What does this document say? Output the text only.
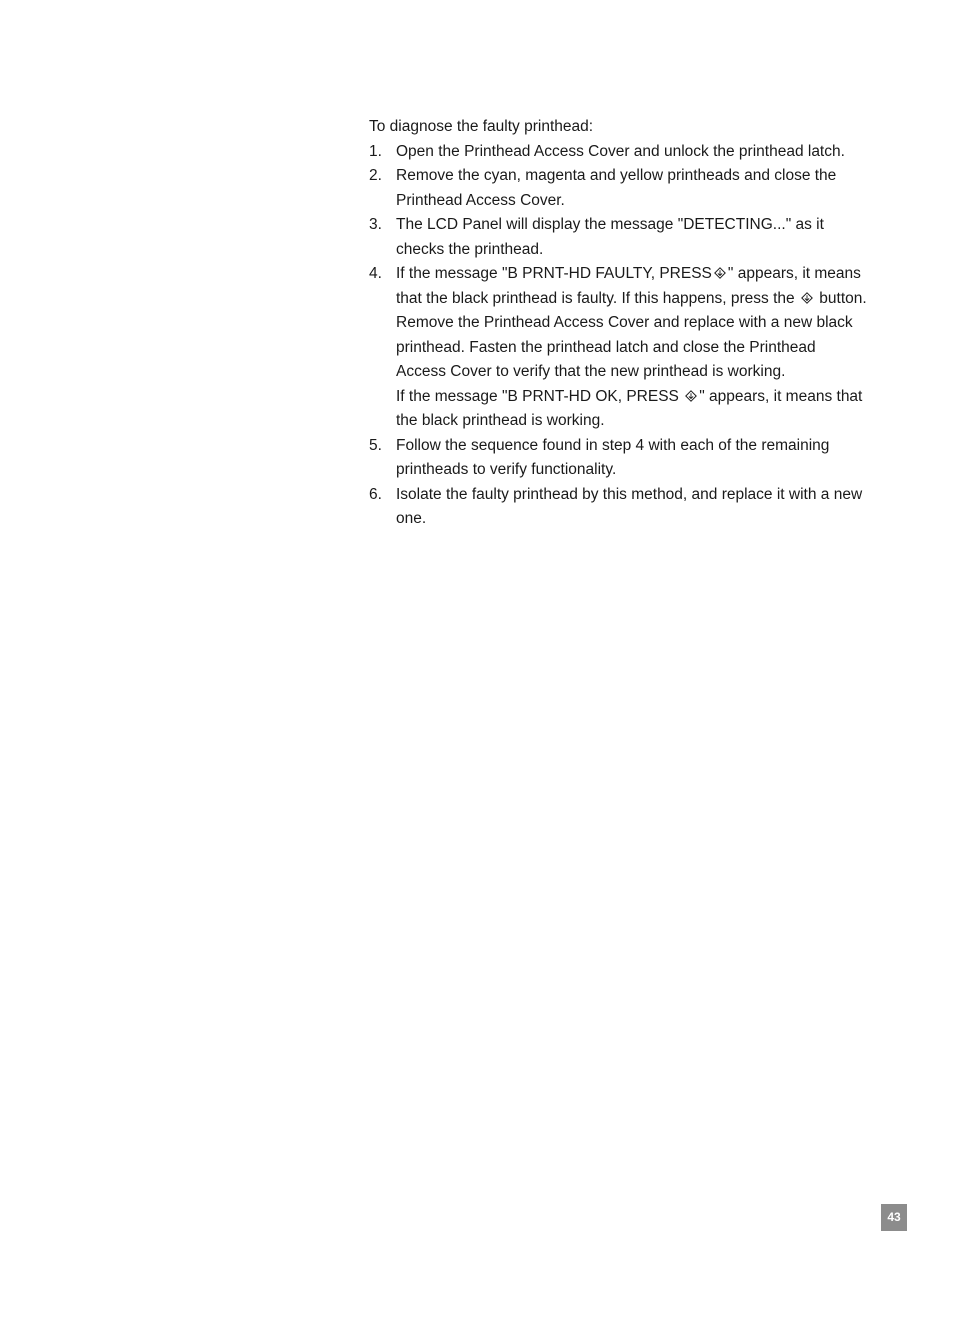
To diagnose the faulty printhead:

1. Open the Printhead Access Cover and unlock the printhead latch.
2. Remove the cyan, magenta and yellow printheads and close the Printhead Access Cover.
3. The LCD Panel will display the message "DETECTING..." as it checks the printhead.
4. If the message "B PRNT-HD FAULTY, PRESS " appears, it means that the black printhead is faulty. If this happens, press the button. Remove the Printhead Access Cover and replace with a new black printhead. Fasten the printhead latch and close the Printhead Access Cover to verify that the new printhead is working.
If the message "B PRNT-HD OK, PRESS " appears, it means that the black printhead is working.
5. Follow the sequence found in step 4 with each of the remaining printheads to verify functionality.
6. Isolate the faulty printhead by this method, and replace it with a new one.
43
